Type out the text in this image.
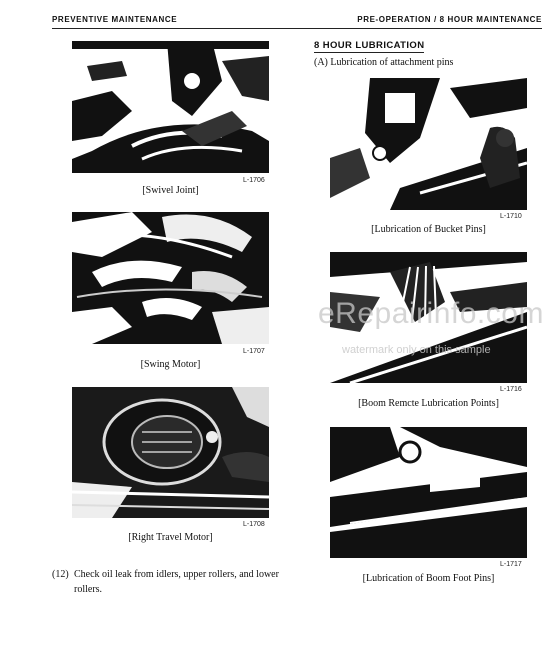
PREVENTIVE MAINTENANCE	PRE-OPERATION / 8 HOUR MAINTENANCE
L-1706
[Swivel Joint]
L-1707
[Swing Motor]
L-1708
[Right Travel Motor]
(12) Check oil leak from idlers, upper rollers, and lower rollers.
8 HOUR LUBRICATION
(A) Lubrication of attachment pins
L-1710
[Lubrication of Bucket Pins]
L-1716
[Boom Remcte Lubrication Points]
L-1717
[Lubrication of Boom Foot Pins]
eRepairinfo.com
watermark only on this sample
